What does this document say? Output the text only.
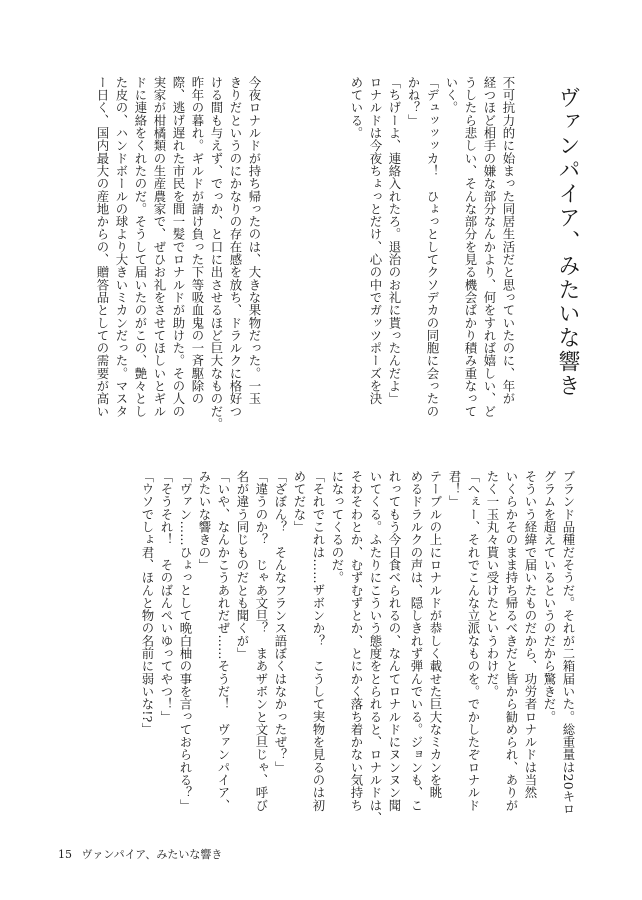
ヴァンパイア、みたいな響き
不可抗力的に始まった同居生活だと思っていたのに、年が
経つほど相手の嫌な部分なんかより、何をすれば嬉しい、ど
うしたら悲しい、そんな部分を見る機会ばかり積み重なって
いく。
「デュッッッカ！　ひょっとしてクソデカの同胞に会ったの
かね？」
「ちげーよ、連絡入れたろ。退治のお礼に貰ったんだよ」
ロナルドは今夜ちょっとだけ、心の中でガッツポーズを決
めている。
今夜ロナルドが持ち帰ったのは、大きな果物だった。一玉
きりだというのにかなりの存在感を放ち、ドラルクに格好つ
ける間も与えず、でっか、と口に出させるほど巨大なものだ。
昨年の暮れ。ギルドが請け負った下等吸血鬼の一斉駆除の
際、逃げ遅れた市民を間一髪でロナルドが助けた。その人の
実家が柑橘類の生産農家で、ぜひお礼をさせてほしいとギル
ドに連絡をくれたのだ。そうして届いたのがこの、艶々とし
た皮の、ハンドボールの球より大きいミカンだった。マスタ
ー日く、国内最大の産地からの、贈答品としての需要が高い
ブランド品種だそうだ。それが二箱届いた。総重量は20キロ
グラムを超えているというのだから驚きだ。
そういう経緯で届いたものだから、功労者ロナルドは当然
いくらかそのまま持ち帰るべきだと皆から勧められ、ありが
たく一玉丸々貰い受けたというわけだ。
「へぇー、それでこんな立派なものを。でかしたぞロナルド
君！」
テーブルの上にロナルドが恭しく載せた巨大なミカンを眺
めるドラルクの声は、隠しきれず弾んでいる。ジョンも、こ
れってもう今日食べられるの、なんてロナルドにヌンヌン聞
いてくる。ふたりにこういう態度をとられると、ロナルドは、
そわそわとか、むずむずとか、とにかく落ち着かない気持ち
になってくるのだ。
「それでこれは……ザボンか？　こうして実物を見るのは初
めてだな」
「ざぼん？　そんなフランス語ぼくはなかったぜ？」
「違うのか？　じゃあ文旦？　まあザボンと文旦じゃ、呼び
名が違う同じものだとも聞くが」
「いや、なんかこうあれだぜ……そうだ！　ヴァンパイア、
みたいな響きの」
「ヴァン……ひょっとして晩白柚の事を言っておられる？」
「そうそれ！　そのばんぺいゆってやつ！」
「ウソでしょ君、ほんと物の名前に弱いな!?」
15 ヴァンパイア、みたいな響き
